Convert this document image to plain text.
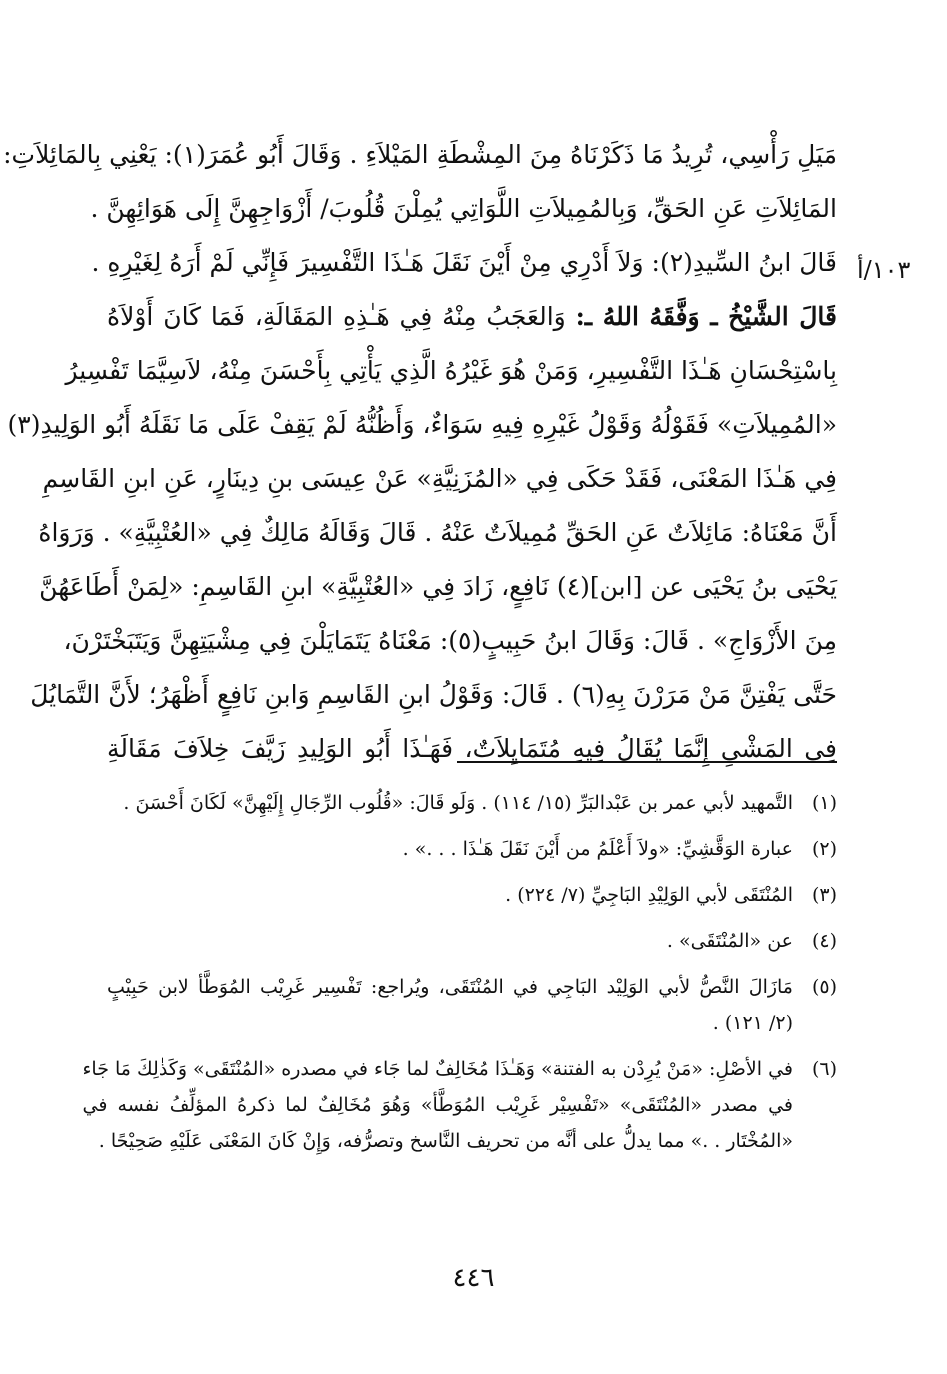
١٠٣/أ
مَيَلِ رَأْسِي، تُرِيدُ مَا ذَكَرْنَاهُ مِنَ المِشْطَةِ المَيْلاَءِ . وَقَالَ أَبُو عُمَرَ(١): يَعْنِي بِالمَائِلاَتِ:
المَائِلاَتِ عَنِ الحَقِّ، وَبِالمُمِيلاَتِ اللَّوَاتِي يُمِلْنَ قُلُوبَ/ أَزْوَاجِهِنَّ إِلَى هَوَائِهِنَّ .
قَالَ ابنُ السِّيدِ(٢): وَلاَ أَدْرِي مِنْ أَيْنَ نَقَلَ هَـٰذَا التَّفْسِيرَ فَإِنِّي لَمْ أَرَهُ لِغَيْرِهِ .
قَالَ الشَّيْخُ ـ وَفَّقَهُ اللهُ ـ: وَالعَجَبُ مِنْهُ فِي هَـٰذِهِ المَقَالَةِ، فَمَا كَانَ أَوْلاَهُ
بِاسْتِحْسَانِ هَـٰذَا التَّفْسِيرِ، وَمَنْ هُوَ غَيْرُهُ الَّذِي يَأْتِي بِأَحْسَنَ مِنْهُ، لاَسِيَّمَا تَفْسِيرُ
«المُمِيلاَتِ» فَقَوْلُهُ وَقَوْلُ غَيْرِهِ فِيهِ سَوَاءٌ، وَأَظُنُّهُ لَمْ يَقِفْ عَلَى مَا نَقَلَهُ أَبُو الوَلِيدِ(٣)
فِي هَـٰذَا المَعْنَى، فَقَدْ حَكَى فِي «المُزَنِيَّةِ» عَنْ عِيسَى بنِ دِينَارٍ، عَنِ ابنِ القَاسِمِ
أَنَّ مَعْنَاهُ: مَائِلاَتٌ عَنِ الحَقِّ مُمِيلاَتٌ عَنْهُ . قَالَ وَقَالَهُ مَالِكٌ فِي «العُتْبِيَّةِ» . وَرَوَاهُ
يَحْيَى بنُ يَحْيَى عن [ابن](٤) نَافِعٍ، زَادَ فِي «العُتْبِيَّةِ» ابنِ القَاسِمِ: «لِمَنْ أَطَاعَهُنَّ
مِنَ الأَزْوَاجِ» . قَالَ: وَقَالَ ابنُ حَبِيبٍ(٥): مَعْنَاهُ يَتَمَايَلْنَ فِي مِشْيَتِهِنَّ وَيَتَبَخْتَرْنَ،
حَتَّى يَفْتِنَّ مَنْ مَرَرْنَ بِهِ(٦) . قَالَ: وَقَوْلُ ابنِ القَاسِمِ وَابنِ نَافِعٍ أَظْهَرُ؛ لأَنَّ التَّمَايُلَ
فِي المَشْيِ إِنَّمَا يُقَالُ فِيهِ مُتَمَايِلاَتٌ، فَهَـٰذَا أَبُو الوَلِيدِ زَيَّفَ خِلاَفَ مَقَالَةِ
(١)
التَّمهيد لأبي عمر بن عَبْدالبَرِّ (١٥/ ١١٤) . وَلَو قَالَ: «قُلُوب الرِّجَالِ إِلَيْهِنَّ» لَكَانَ أَحْسَنَ .
(٢)
عبارة الوَقَّشِيِّ: «ولاَ أَعْلَمُ من أَيْنَ نَقَلَ هَـٰذَا . . .» .
(٣)
المُنْتَقَى لأبي الوَلِيْدِ البَاجِيِّ (٧/ ٢٢٤) .
(٤)
عن «المُنْتَقَى» .
(٥)
مَازَالَ النَّصُّ لأبي الوَلِيْد البَاجِي في المُنْتَقَى، ويُراجع: تَفْسِير غَرِيْب المُوَطَّأ لابن حَبِيْبٍ
(٢/ ١٢١) .
(٦)
في الأصْلِ: «مَنْ يُرِدْن به الفتنة» وَهَـٰذَا مُخَالِفٌ لما جَاء في مصدره «المُنْتَقَى» وَكَذٰلِكَ مَا جَاء
في مصدر «المُنْتَقَى» «تَفْسِيْر غَرِيْب المُوَطَّأ» وَهُوَ مُخَالِفٌ لما ذكرهُ المؤلِّفُ نفسه في
«المُخْتَار . .» مما يدلُّ على أنَّه من تحريف النَّاسخ وتصرُّفه، وَإِنْ كَانَ المَعْنَى عَلَيْهِ صَحِيْحًا .
٤٤٦
